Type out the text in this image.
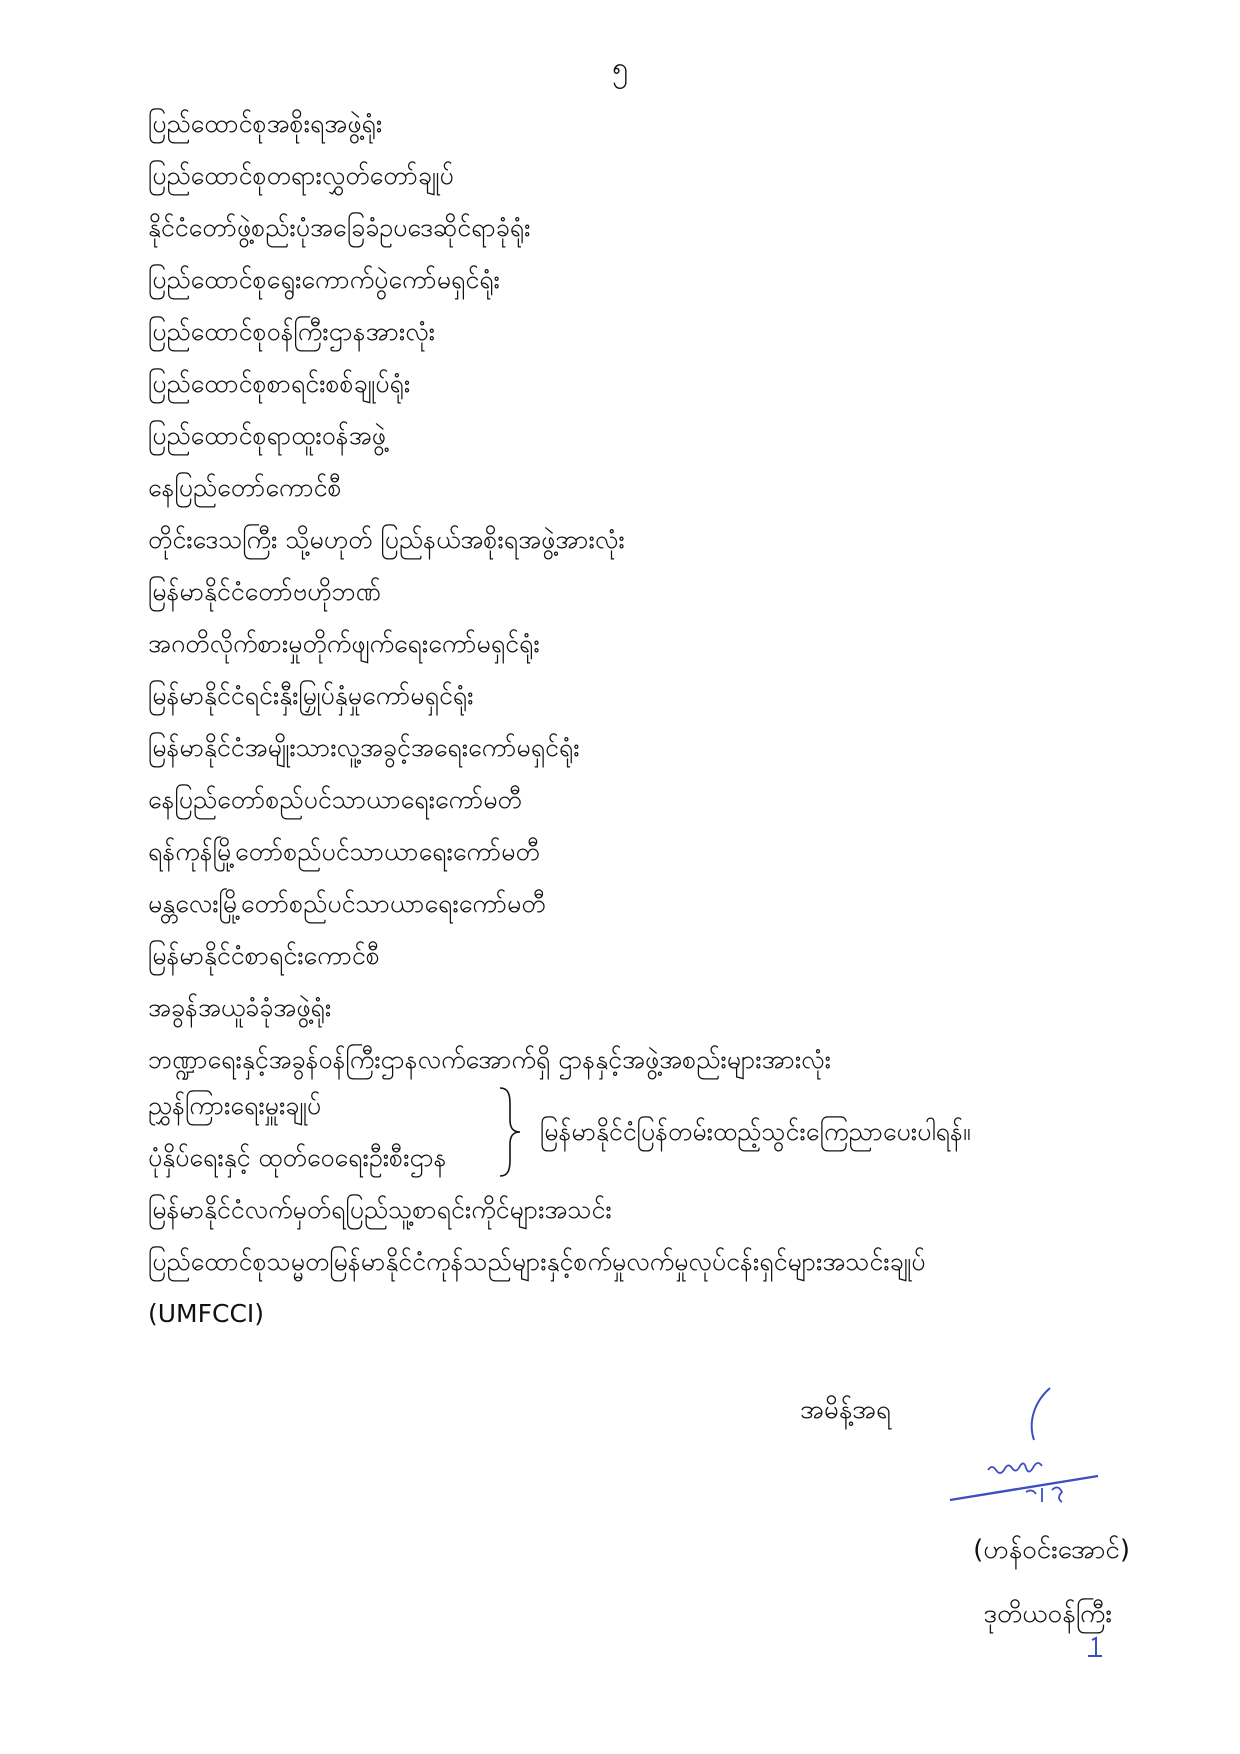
၅
ပြည်ထောင်စုအစိုးရအဖွဲ့ရုံး
ပြည်ထောင်စုတရားလွှတ်တော်ချုပ်
နိုင်ငံတော်ဖွဲ့စည်းပုံအခြေခံဥပဒေဆိုင်ရာခုံရုံး
ပြည်ထောင်စုရွေးကောက်ပွဲကော်မရှင်ရုံး
ပြည်ထောင်စုဝန်ကြီးဌာနအားလုံး
ပြည်ထောင်စုစာရင်းစစ်ချုပ်ရုံး
ပြည်ထောင်စုရာထူးဝန်အဖွဲ့
နေပြည်တော်ကောင်စီ
တိုင်းဒေသကြီး သို့မဟုတ် ပြည်နယ်အစိုးရအဖွဲ့အားလုံး
မြန်မာနိုင်ငံတော်ဗဟိုဘဏ်
အဂတိလိုက်စားမှုတိုက်ဖျက်ရေးကော်မရှင်ရုံး
မြန်မာနိုင်ငံရင်းနှီးမြှုပ်နှံမှုကော်မရှင်ရုံး
မြန်မာနိုင်ငံအမျိုးသားလူ့အခွင့်အရေးကော်မရှင်ရုံး
နေပြည်တော်စည်ပင်သာယာရေးကော်မတီ
ရန်ကုန်မြို့တော်စည်ပင်သာယာရေးကော်မတီ
မန္တလေးမြို့တော်စည်ပင်သာယာရေးကော်မတီ
မြန်မာနိုင်ငံစာရင်းကောင်စီ
အခွန်အယူခံခုံအဖွဲ့ရုံး
ဘဏ္ဍာရေးနှင့်အခွန်ဝန်ကြီးဌာနလက်အောက်ရှိ ဌာနနှင့်အဖွဲ့အစည်းများအားလုံး
ညွှန်ကြားရေးမှူးချုပ်
ပုံနှိပ်ရေးနှင့် ထုတ်ဝေရေးဦးစီးဌာန
မြန်မာနိုင်ငံပြန်တမ်းထည့်သွင်းကြေညာပေးပါရန်။
မြန်မာနိုင်ငံလက်မှတ်ရပြည်သူ့စာရင်းကိုင်များအသင်း
ပြည်ထောင်စုသမ္မတမြန်မာနိုင်ငံကုန်သည်များနှင့်စက်မှုလက်မှုလုပ်ငန်းရှင်များအသင်းချုပ်
(UMFCCI)
အမိန့်အရ
(ဟန်ဝင်းအောင်)
ဒုတိယဝန်ကြီး
